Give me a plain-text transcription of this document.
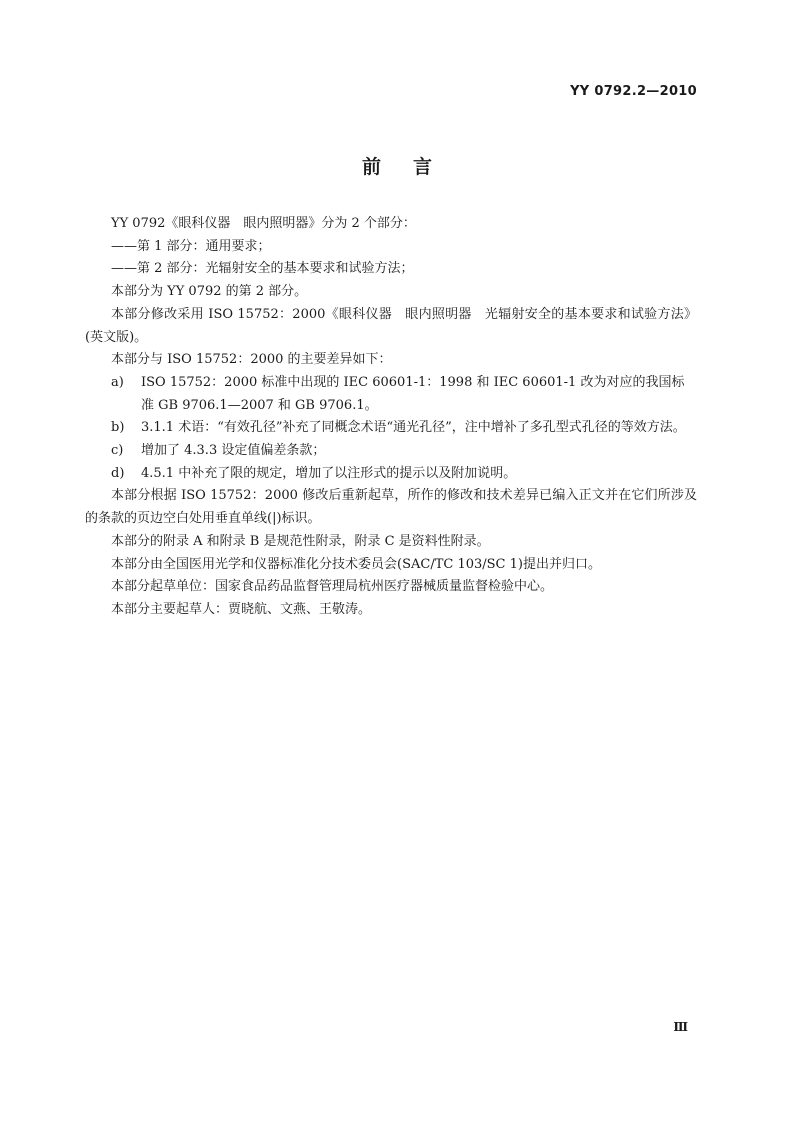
YY 0792.2—2010
前言

YY 0792《眼科仪器　眼内照明器》分为 2 个部分：

——第 1 部分：通用要求；

——第 2 部分：光辐射安全的基本要求和试验方法；

本部分为 YY 0792 的第 2 部分。

本部分修改采用 ISO 15752：2000《眼科仪器　眼内照明器　光辐射安全的基本要求和试验方法》(英文版)。

本部分与 ISO 15752：2000 的主要差异如下：

a) ISO 15752：2000 标准中出现的 IEC 60601-1：1998 和 IEC 60601-1 改为对应的我国标准 GB 9706.1—2007 和 GB 9706.1。
b) 3.1.1 术语：“有效孔径”补充了同概念术语“通光孔径”，注中增补了多孔型式孔径的等效方法。
c) 增加了 4.3.3 设定值偏差条款；
d) 4.5.1 中补充了限的规定，增加了以注形式的提示以及附加说明。

本部分根据 ISO 15752：2000 修改后重新起草，所作的修改和技术差异已编入正文并在它们所涉及的条款的页边空白处用垂直单线(|)标识。

本部分的附录 A 和附录 B 是规范性附录，附录 C 是资料性附录。

本部分由全国医用光学和仪器标准化分技术委员会(SAC/TC 103/SC 1)提出并归口。

本部分起草单位：国家食品药品监督管理局杭州医疗器械质量监督检验中心。

本部分主要起草人：贾晓航、文燕、王敬涛。

Ⅲ
